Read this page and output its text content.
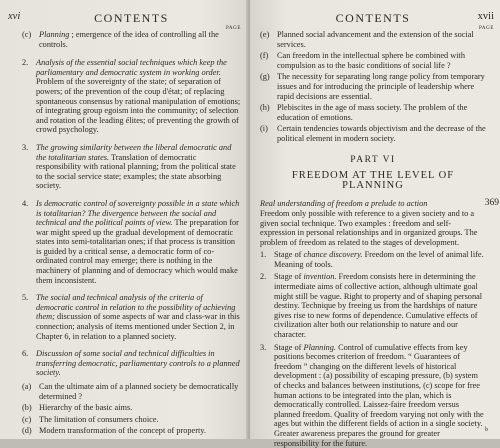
xvi	CONTENTS
PAGE
(c) Planning ; emergence of the idea of controlling all the controls.

2. Analysis of the essential social techniques which keep the parliamentary and democratic system in working order. Problem of the sovereignty of the state; of separation of powers; of the prevention of the coup d'état; of replacing spontaneous consensus by rational manipulation of emotions; of integrating group egoism into the community; of selection and rotation of the leading élites; of preventing the growth of crowd psychology.

3. The growing similarity between the liberal democratic and the totalitarian states. Translation of democratic responsibility with rational planning; from the political state to the social service state; examples; the state absorbing society.

4. Is democratic control of sovereignty possible in a state which is totalitarian? The divergence between the social and technical and the political points of view. The preparation for war might speed up the gradual development of democratic states into semi-totalitarian ones; if that process is transition is guided by a critical sense, a democratic form of co-ordinated control may emerge; there is nothing in the machinery of planning and of democracy which would make them inconsistent.

5. The social and technical analysis of the criteria of democratic control in relation to the possibility of achieving them; discussion of some aspects of war and class-war in this connection; analysis of items mentioned under Section 2, in Chapter 6, in relation to a planned society.

6. Discussion of some social and technical difficulties in transferring democratic, parliamentary controls to a planned society.

(a) Can the ultimate aim of a planned society be democratically determined ?

(b) Hierarchy of the basic aims.

(c) The limitation of consumers choice.

(d) Modern transformation of the concept of property.

CONTENTS	xvii
PAGE
(e) Planned social advancement and the extension of the social services.

(f) Can freedom in the intellectual sphere be combined with compulsion as to the basic conditions of social life ?

(g) The necessity for separating long range policy from temporary issues and for introducing the principle of leadership where rapid decisions are essential.

(h) Plebiscites in the age of mass society. The problem of the education of emotions.

(i) Certain tendencies towards objectivism and the decrease of the political element in modern society.

PART VI
FREEDOM AT THE LEVEL OF PLANNING
369

Real understanding of freedom a prelude to action
Freedom only possible with reference to a given society and to a given social technique. Two examples : freedom and self-expression in personal relationships and in organized groups. The problem of freedom as related to the stages of development.

1. Stage of chance discovery. Freedom on the level of animal life. Meaning of tools.

2. Stage of invention. Freedom consists here in determining the intermediate aims of collective action, although ultimate goal might still be vague. Right to property and of shaping personal destiny. Technique by freeing us from the hardships of nature gives rise to new forms of dependence. Cumulative effects of civilization alter both our relationship to nature and our character.

3. Stage of Planning. Control of cumulative effects from key positions becomes criterion of freedom. “ Guarantees of freedom ” changing on the different levels of historical development : (a) possibility of escaping pressure, (b) system of checks and balances between institutions, (c) scope for free human actions to be integrated into the plan, which is democratically controlled. Laissez-faire freedom versus planned freedom. Quality of freedom varying not only with the ages but within the different fields of action in a single society. Greater awareness prepares the ground for greater responsibility for the future.

b
